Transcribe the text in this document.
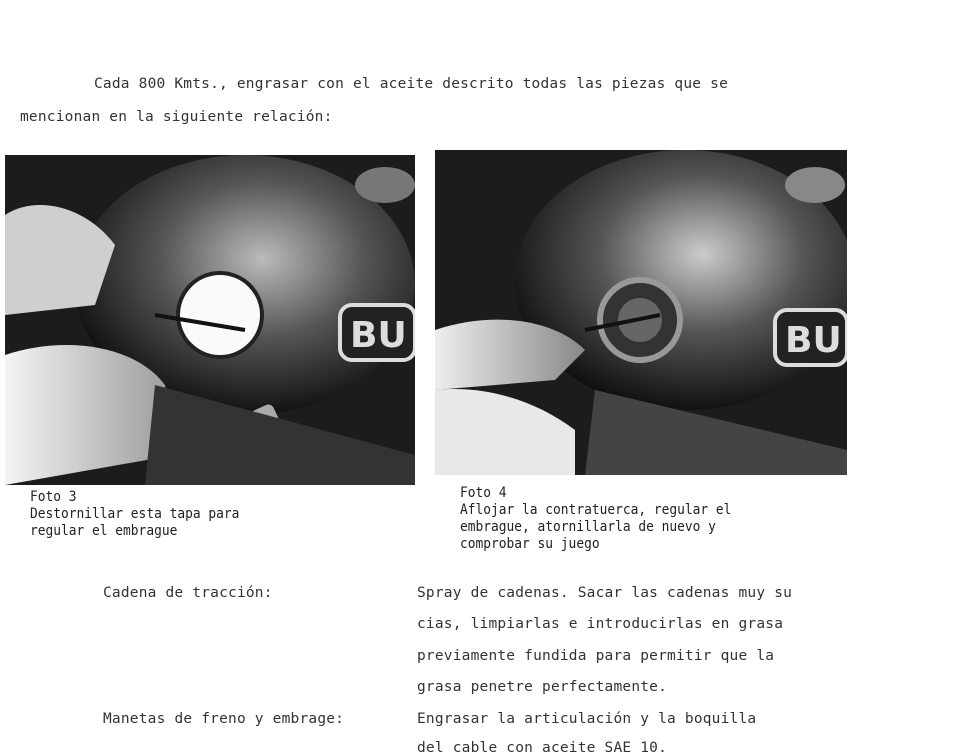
Cada 800 Kmts., engrasar con el aceite descrito todas las piezas que se
mencionan en la siguiente relación:
BU	BU
Foto 3
Destornillar esta tapa para
regular el embrague
Foto 4
Aflojar la contratuerca, regular el
embrague, atornillarla de nuevo y
comprobar su juego
Cadena de tracción:	Spray de cadenas. Sacar las cadenas muy su
cias, limpiarlas e introducirlas en grasa
previamente fundida para permitir que la
grasa penetre perfectamente.
Manetas de freno y embrage:	Engrasar la articulación y la boquilla
del cable con aceite SAE 10.
